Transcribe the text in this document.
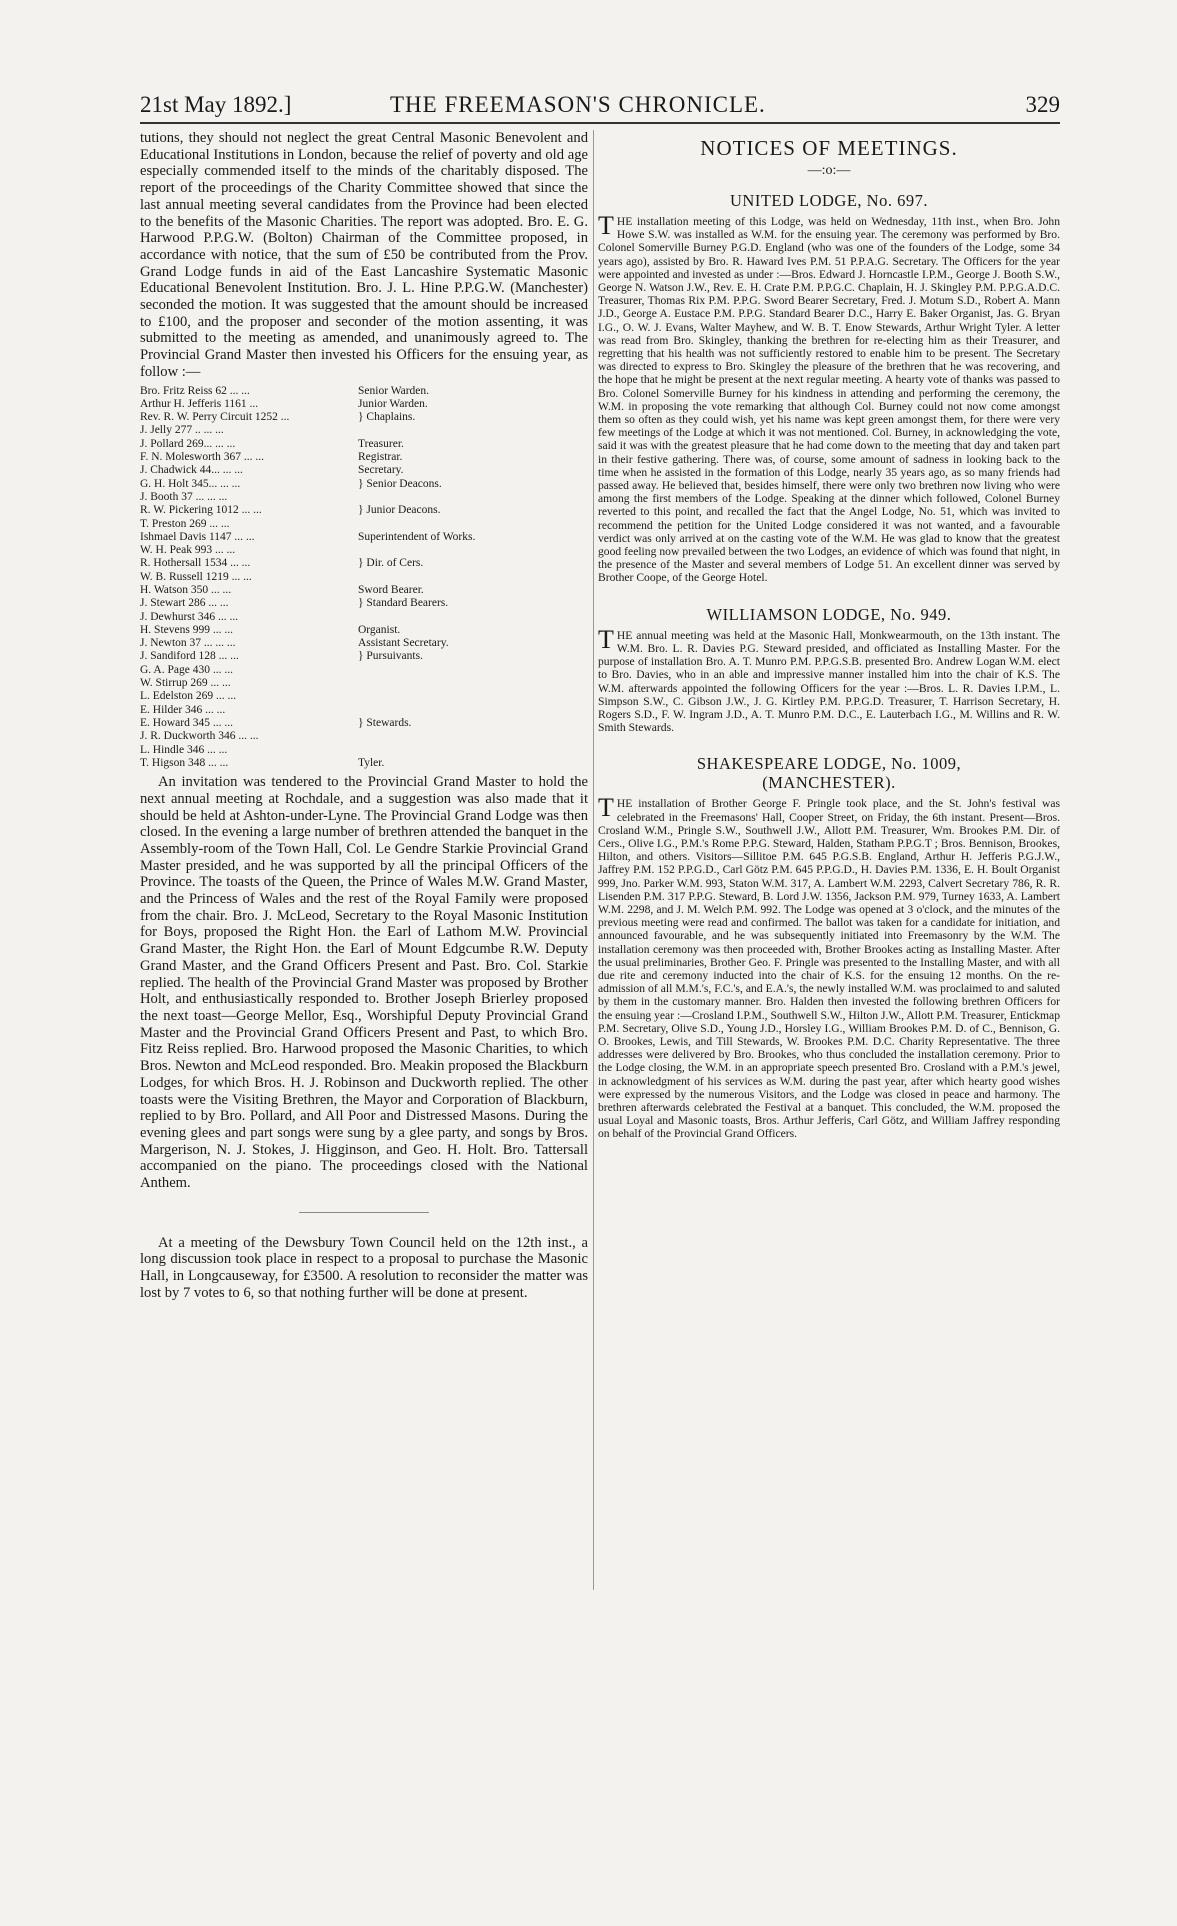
21st May 1892.]	THE FREEMASON'S CHRONICLE.	329

tutions, they should not neglect the great Central Masonic Benevolent and Educational Institutions in London, because the relief of poverty and old age especially commended itself to the minds of the charitably disposed. The report of the proceedings of the Charity Committee showed that since the last annual meeting several candidates from the Province had been elected to the benefits of the Masonic Charities. The report was adopted. Bro. E. G. Harwood P.P.G.W. (Bolton) Chairman of the Committee proposed, in accordance with notice, that the sum of £50 be contributed from the Prov. Grand Lodge funds in aid of the East Lancashire Systematic Masonic Educational Benevolent Institution. Bro. J. L. Hine P.P.G.W. (Manchester) seconded the motion. It was suggested that the amount should be increased to £100, and the proposer and seconder of the motion assenting, it was submitted to the meeting as amended, and unanimously agreed to. The Provincial Grand Master then invested his Officers for the ensuing year, as follow :—

Bro. Fritz Reiss 62 ... ...	Senior Warden.
Arthur H. Jefferis 1161 ...	Junior Warden.
Rev. R. W. Perry Circuit 1252 ...	} Chaplains.
J. Jelly 277 .. ... ...
J. Pollard 269... ... ...	Treasurer.
F. N. Molesworth 367 ... ...	Registrar.
J. Chadwick 44... ... ...	Secretary.
G. H. Holt 345... ... ...	} Senior Deacons.
J. Booth 37 ... ... ...
R. W. Pickering 1012 ... ...	} Junior Deacons.
T. Preston 269 ... ...
Ishmael Davis 1147 ... ...	Superintendent of Works.
W. H. Peak 993 ... ...
R. Hothersall 1534 ... ...	} Dir. of Cers.
W. B. Russell 1219 ... ...
H. Watson 350 ... ...	Sword Bearer.
J. Stewart 286 ... ...	} Standard Bearers.
J. Dewhurst 346 ... ...
H. Stevens 999 ... ...	Organist.
J. Newton 37 ... ... ...	Assistant Secretary.
J. Sandiford 128 ... ...	} Pursuivants.
G. A. Page 430 ... ...
W. Stirrup 269 ... ...
L. Edelston 269 ... ...
E. Hilder 346 ... ...
E. Howard 345 ... ...	} Stewards.
J. R. Duckworth 346 ... ...
L. Hindle 346 ... ...
T. Higson 348 ... ...	Tyler.

An invitation was tendered to the Provincial Grand Master to hold the next annual meeting at Rochdale, and a suggestion was also made that it should be held at Ashton-under-Lyne. The Provincial Grand Lodge was then closed. In the evening a large number of brethren attended the banquet in the Assembly-room of the Town Hall, Col. Le Gendre Starkie Provincial Grand Master presided, and he was supported by all the principal Officers of the Province. The toasts of the Queen, the Prince of Wales M.W. Grand Master, and the Princess of Wales and the rest of the Royal Family were proposed from the chair. Bro. J. McLeod, Secretary to the Royal Masonic Institution for Boys, proposed the Right Hon. the Earl of Lathom M.W. Provincial Grand Master, the Right Hon. the Earl of Mount Edgcumbe R.W. Deputy Grand Master, and the Grand Officers Present and Past. Bro. Col. Starkie replied. The health of the Provincial Grand Master was proposed by Brother Holt, and enthusiastically responded to. Brother Joseph Brierley proposed the next toast—George Mellor, Esq., Worshipful Deputy Provincial Grand Master and the Provincial Grand Officers Present and Past, to which Bro. Fitz Reiss replied. Bro. Harwood proposed the Masonic Charities, to which Bros. Newton and McLeod responded. Bro. Meakin proposed the Blackburn Lodges, for which Bros. H. J. Robinson and Duckworth replied. The other toasts were the Visiting Brethren, the Mayor and Corporation of Blackburn, replied to by Bro. Pollard, and All Poor and Distressed Masons. During the evening glees and part songs were sung by a glee party, and songs by Bros. Margerison, N. J. Stokes, J. Higginson, and Geo. H. Holt. Bro. Tattersall accompanied on the piano. The proceedings closed with the National Anthem.

At a meeting of the Dewsbury Town Council held on the 12th inst., a long discussion took place in respect to a proposal to purchase the Masonic Hall, in Longcauseway, for £3500. A resolution to reconsider the matter was lost by 7 votes to 6, so that nothing further will be done at present.

NOTICES OF MEETINGS.
—:o:—
UNITED LODGE, No. 697.

THE installation meeting of this Lodge, was held on Wednesday, 11th inst., when Bro. John Howe S.W. was installed as W.M. for the ensuing year. The ceremony was performed by Bro. Colonel Somerville Burney P.G.D. England (who was one of the founders of the Lodge, some 34 years ago), assisted by Bro. R. Haward Ives P.M. 51 P.P.A.G. Secretary. The Officers for the year were appointed and invested as under :—Bros. Edward J. Horncastle I.P.M., George J. Booth S.W., George N. Watson J.W., Rev. E. H. Crate P.M. P.P.G.C. Chaplain, H. J. Skingley P.M. P.P.G.A.D.C. Treasurer, Thomas Rix P.M. P.P.G. Sword Bearer Secretary, Fred. J. Motum S.D., Robert A. Mann J.D., George A. Eustace P.M. P.P.G. Standard Bearer D.C., Harry E. Baker Organist, Jas. G. Bryan I.G., O. W. J. Evans, Walter Mayhew, and W. B. T. Enow Stewards, Arthur Wright Tyler. A letter was read from Bro. Skingley, thanking the brethren for re-electing him as their Treasurer, and regretting that his health was not sufficiently restored to enable him to be present. The Secretary was directed to express to Bro. Skingley the pleasure of the brethren that he was recovering, and the hope that he might be present at the next regular meeting. A hearty vote of thanks was passed to Bro. Colonel Somerville Burney for his kindness in attending and performing the ceremony, the W.M. in proposing the vote remarking that although Col. Burney could not now come amongst them so often as they could wish, yet his name was kept green amongst them, for there were very few meetings of the Lodge at which it was not mentioned. Col. Burney, in acknowledging the vote, said it was with the greatest pleasure that he had come down to the meeting that day and taken part in their festive gathering. There was, of course, some amount of sadness in looking back to the time when he assisted in the formation of this Lodge, nearly 35 years ago, as so many friends had passed away. He believed that, besides himself, there were only two brethren now living who were among the first members of the Lodge. Speaking at the dinner which followed, Colonel Burney reverted to this point, and recalled the fact that the Angel Lodge, No. 51, which was invited to recommend the petition for the United Lodge considered it was not wanted, and a favourable verdict was only arrived at on the casting vote of the W.M. He was glad to know that the greatest good feeling now prevailed between the two Lodges, an evidence of which was found that night, in the presence of the Master and several members of Lodge 51. An excellent dinner was served by Brother Coope, of the George Hotel.

WILLIAMSON LODGE, No. 949.

THE annual meeting was held at the Masonic Hall, Monkwearmouth, on the 13th instant. The W.M. Bro. L. R. Davies P.G. Steward presided, and officiated as Installing Master. For the purpose of installation Bro. A. T. Munro P.M. P.P.G.S.B. presented Bro. Andrew Logan W.M. elect to Bro. Davies, who in an able and impressive manner installed him into the chair of K.S. The W.M. afterwards appointed the following Officers for the year :—Bros. L. R. Davies I.P.M., L. Simpson S.W., C. Gibson J.W., J. G. Kirtley P.M. P.P.G.D. Treasurer, T. Harrison Secretary, H. Rogers S.D., F. W. Ingram J.D., A. T. Munro P.M. D.C., E. Lauterbach I.G., M. Willins and R. W. Smith Stewards.

SHAKESPEARE LODGE, No. 1009,
(MANCHESTER).

THE installation of Brother George F. Pringle took place, and the St. John's festival was celebrated in the Freemasons' Hall, Cooper Street, on Friday, the 6th instant. Present—Bros. Crosland W.M., Pringle S.W., Southwell J.W., Allott P.M. Treasurer, Wm. Brookes P.M. Dir. of Cers., Olive I.G., P.M.'s Rome P.P.G. Steward, Halden, Statham P.P.G.T ; Bros. Bennison, Brookes, Hilton, and others. Visitors—Sillitoe P.M. 645 P.G.S.B. England, Arthur H. Jefferis P.G.J.W., Jaffrey P.M. 152 P.P.G.D., Carl Götz P.M. 645 P.P.G.D., H. Davies P.M. 1336, E. H. Boult Organist 999, Jno. Parker W.M. 993, Staton W.M. 317, A. Lambert W.M. 2293, Calvert Secretary 786, R. R. Lisenden P.M. 317 P.P.G. Steward, B. Lord J.W. 1356, Jackson P.M. 979, Turney 1633, A. Lambert W.M. 2298, and J. M. Welch P.M. 992. The Lodge was opened at 3 o'clock, and the minutes of the previous meeting were read and confirmed. The ballot was taken for a candidate for initiation, and announced favourable, and he was subsequently initiated into Freemasonry by the W.M. The installation ceremony was then proceeded with, Brother Brookes acting as Installing Master. After the usual preliminaries, Brother Geo. F. Pringle was presented to the Installing Master, and with all due rite and ceremony inducted into the chair of K.S. for the ensuing 12 months. On the re-admission of all M.M.'s, F.C.'s, and E.A.'s, the newly installed W.M. was proclaimed to and saluted by them in the customary manner. Bro. Halden then invested the following brethren Officers for the ensuing year :—Crosland I.P.M., Southwell S.W., Hilton J.W., Allott P.M. Treasurer, Entickmap P.M. Secretary, Olive S.D., Young J.D., Horsley I.G., William Brookes P.M. D. of C., Bennison, G. O. Brookes, Lewis, and Till Stewards, W. Brookes P.M. D.C. Charity Representative. The three addresses were delivered by Bro. Brookes, who thus concluded the installation ceremony. Prior to the Lodge closing, the W.M. in an appropriate speech presented Bro. Crosland with a P.M.'s jewel, in acknowledgment of his services as W.M. during the past year, after which hearty good wishes were expressed by the numerous Visitors, and the Lodge was closed in peace and harmony. The brethren afterwards celebrated the Festival at a banquet. This concluded, the W.M. proposed the usual Loyal and Masonic toasts, Bros. Arthur Jefferis, Carl Götz, and William Jaffrey responding on behalf of the Provincial Grand Officers.
